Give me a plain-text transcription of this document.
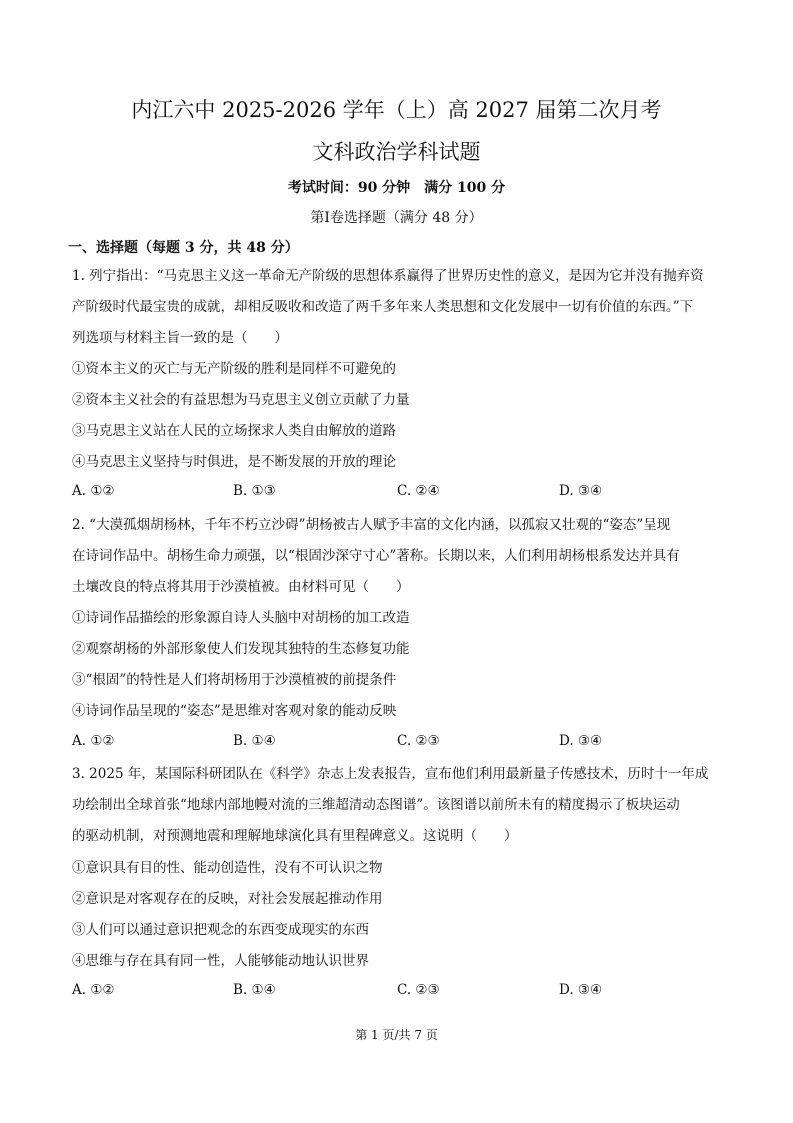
内江六中 2025-2026 学年（上）高 2027 届第二次月考
文科政治学科试题
考试时间：90 分钟　满分 100 分
第Ⅰ卷选择题（满分 48 分）
一、选择题（每题 3 分，共 48 分）
1. 列宁指出：“马克思主义这一革命无产阶级的思想体系赢得了世界历史性的意义，是因为它并没有抛弃资
产阶级时代最宝贵的成就，却相反吸收和改造了两千多年来人类思想和文化发展中一切有价值的东西。”下
列选项与材料主旨一致的是（　　）
①资本主义的灭亡与无产阶级的胜利是同样不可避免的
②资本主义社会的有益思想为马克思主义创立贡献了力量
③马克思主义站在人民的立场探求人类自由解放的道路
④马克思主义坚持与时俱进，是不断发展的开放的理论
A. ①②	B. ①③	C. ②④	D. ③④
2. “大漠孤烟胡杨林，千年不朽立沙碍”胡杨被古人赋予丰富的文化内涵，以孤寂又壮观的“姿态”呈现
在诗词作品中。胡杨生命力顽强，以“根固沙深守寸心”著称。长期以来，人们利用胡杨根系发达并具有
土壤改良的特点将其用于沙漠植被。由材料可见（　　）
①诗词作品描绘的形象源自诗人头脑中对胡杨的加工改造
②观察胡杨的外部形象使人们发现其独特的生态修复功能
③“根固”的特性是人们将胡杨用于沙漠植被的前提条件
④诗词作品呈现的“姿态”是思维对客观对象的能动反映
A. ①②	B. ①④	C. ②③	D. ③④
3. 2025 年，某国际科研团队在《科学》杂志上发表报告，宣布他们利用最新量子传感技术，历时十一年成
功绘制出全球首张“地球内部地幔对流的三维超清动态图谱”。该图谱以前所未有的精度揭示了板块运动
的驱动机制，对预测地震和理解地球演化具有里程碑意义。这说明（　　）
①意识具有目的性、能动创造性，没有不可认识之物
②意识是对客观存在的反映，对社会发展起推动作用
③人们可以通过意识把观念的东西变成现实的东西
④思维与存在具有同一性，人能够能动地认识世界
A. ①②	B. ①④	C. ②③	D. ③④
第 1 页/共 7 页
